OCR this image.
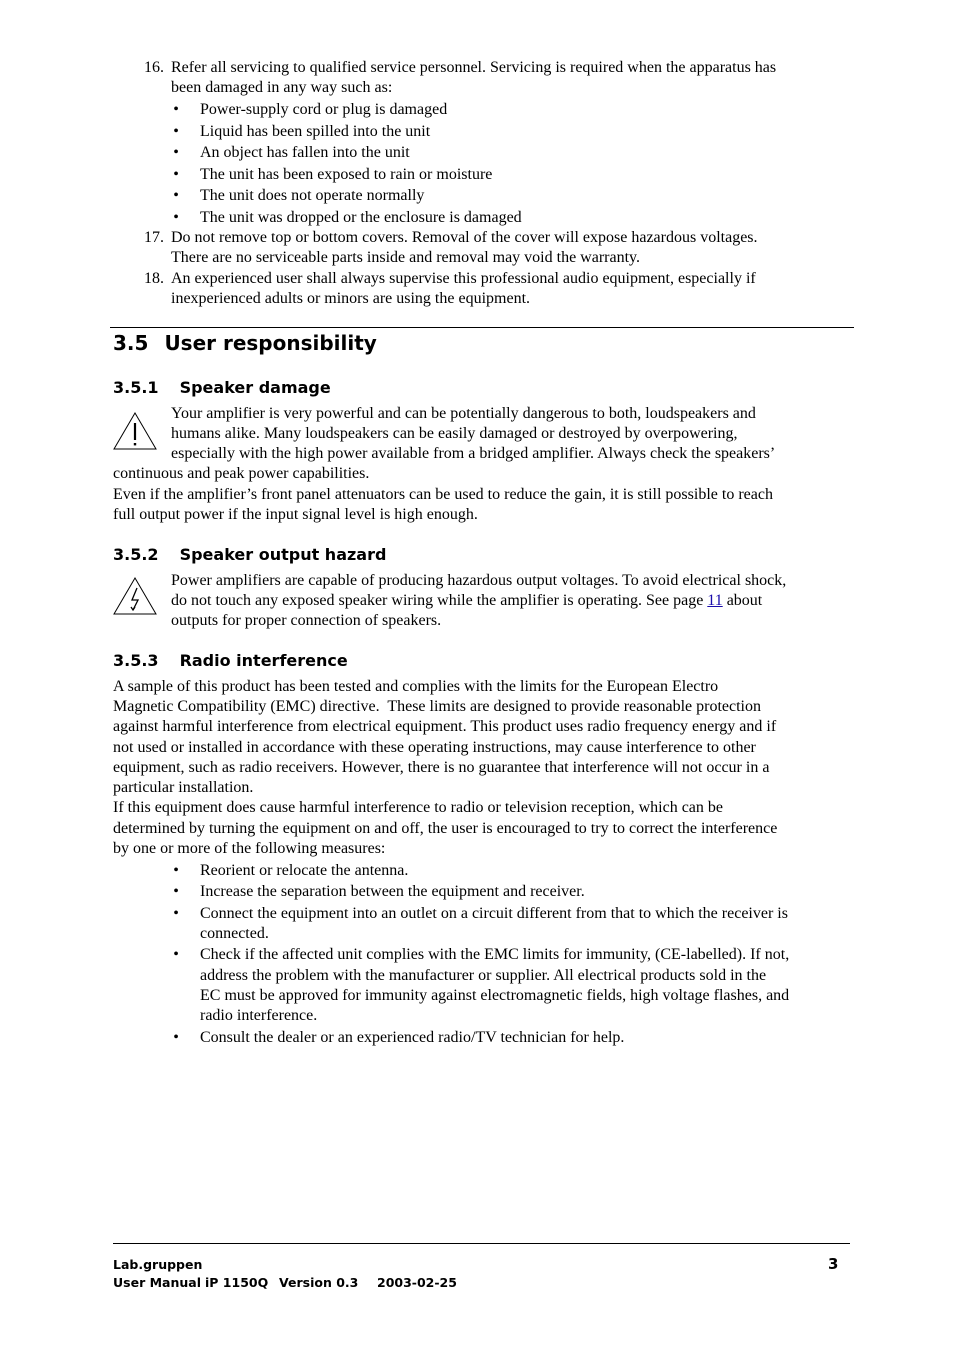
16. Refer all servicing to qualified service personnel. Servicing is required when the apparatus has
been damaged in any way such as:
• Power-supply cord or plug is damaged
• Liquid has been spilled into the unit
• An object has fallen into the unit
• The unit has been exposed to rain or moisture
• The unit does not operate normally
• The unit was dropped or the enclosure is damaged
17. Do not remove top or bottom covers. Removal of the cover will expose hazardous voltages.
There are no serviceable parts inside and removal may void the warranty.
18. An experienced user shall always supervise this professional audio equipment, especially if
inexperienced adults or minors are using the equipment.
3.5 User responsibility
3.5.1 Speaker damage
Your amplifier is very powerful and can be potentially dangerous to both, loudspeakers and
humans alike. Many loudspeakers can be easily damaged or destroyed by overpowering,
especially with the high power available from a bridged amplifier. Always check the speakers’
continuous and peak power capabilities.
Even if the amplifier’s front panel attenuators can be used to reduce the gain, it is still possible to reach
full output power if the input signal level is high enough.
3.5.2 Speaker output hazard
Power amplifiers are capable of producing hazardous output voltages. To avoid electrical shock,
do not touch any exposed speaker wiring while the amplifier is operating. See page 11 about
outputs for proper connection of speakers.
3.5.3 Radio interference
A sample of this product has been tested and complies with the limits for the European Electro
Magnetic Compatibility (EMC) directive.  These limits are designed to provide reasonable protection
against harmful interference from electrical equipment. This product uses radio frequency energy and if
not used or installed in accordance with these operating instructions, may cause interference to other
equipment, such as radio receivers. However, there is no guarantee that interference will not occur in a
particular installation.
If this equipment does cause harmful interference to radio or television reception, which can be
determined by turning the equipment on and off, the user is encouraged to try to correct the interference
by one or more of the following measures:
• Reorient or relocate the antenna.
• Increase the separation between the equipment and receiver.
• Connect the equipment into an outlet on a circuit different from that to which the receiver is
connected.
• Check if the affected unit complies with the EMC limits for immunity, (CE-labelled). If not,
address the problem with the manufacturer or supplier. All electrical products sold in the
EC must be approved for immunity against electromagnetic fields, high voltage flashes, and
radio interference.
• Consult the dealer or an experienced radio/TV technician for help.
Lab.gruppen
User Manual iP 1150Q Version 0.3 2003-02-25
3
